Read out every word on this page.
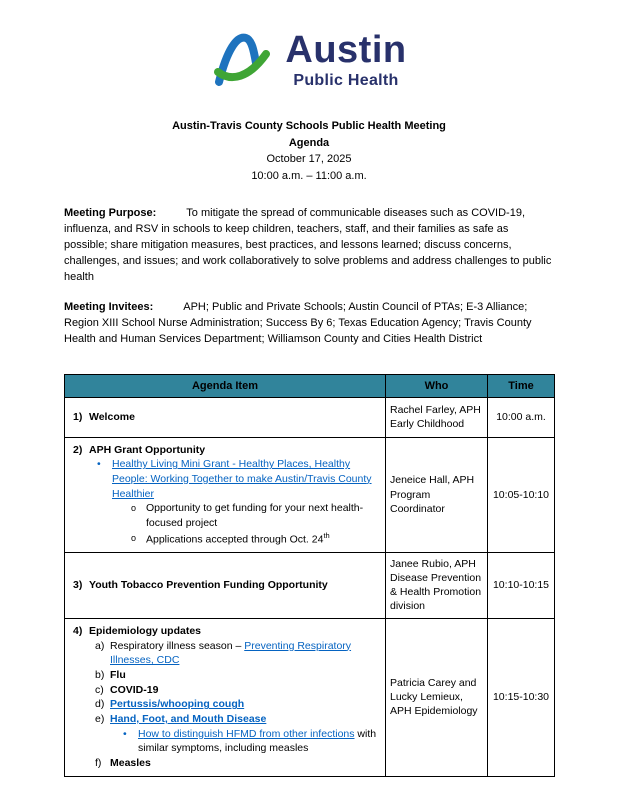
Austin
Public Health
Austin-Travis County Schools Public Health Meeting
Agenda
October 17, 2025
10:00 a.m. – 11:00 a.m.
Meeting Purpose:	To mitigate the spread of communicable diseases such as COVID-19, influenza, and RSV in schools to keep children, teachers, staff, and their families as safe as possible; share mitigation measures, best practices, and lessons learned; discuss concerns, challenges, and issues; and work collaboratively to solve problems and address challenges to public health
Meeting Invitees:	APH; Public and Private Schools; Austin Council of PTAs; E-3 Alliance; Region XIII School Nurse Administration; Success By 6; Texas Education Agency; Travis County Health and Human Services Department; Williamson County and Cities Health District
Agenda Item	Who	Time

1) Welcome	Rachel Farley, APH Early Childhood	10:00 a.m.

2) APH Grant Opportunity
•	Healthy Living Mini Grant - Healthy Places, Healthy People: Working Together to make Austin/Travis County Healthier
o Opportunity to get funding for your next health-focused project
o Applications accepted through Oct. 24th
	Jeneice Hall, APH Program Coordinator	10:05-10:10

3) Youth Tobacco Prevention Funding Opportunity	Janee Rubio, APH Disease Prevention & Health Promotion division	10:10-10:15

4) Epidemiology updates
a) Respiratory illness season – Preventing Respiratory Illnesses, CDC
b) Flu
c) COVID-19
d) Pertussis/whooping cough
e) Hand, Foot, and Mouth Disease
•	How to distinguish HFMD from other infections with similar symptoms, including measles
f) Measles
	Patricia Carey and Lucky Lemieux, APH Epidemiology	10:15-10:30
